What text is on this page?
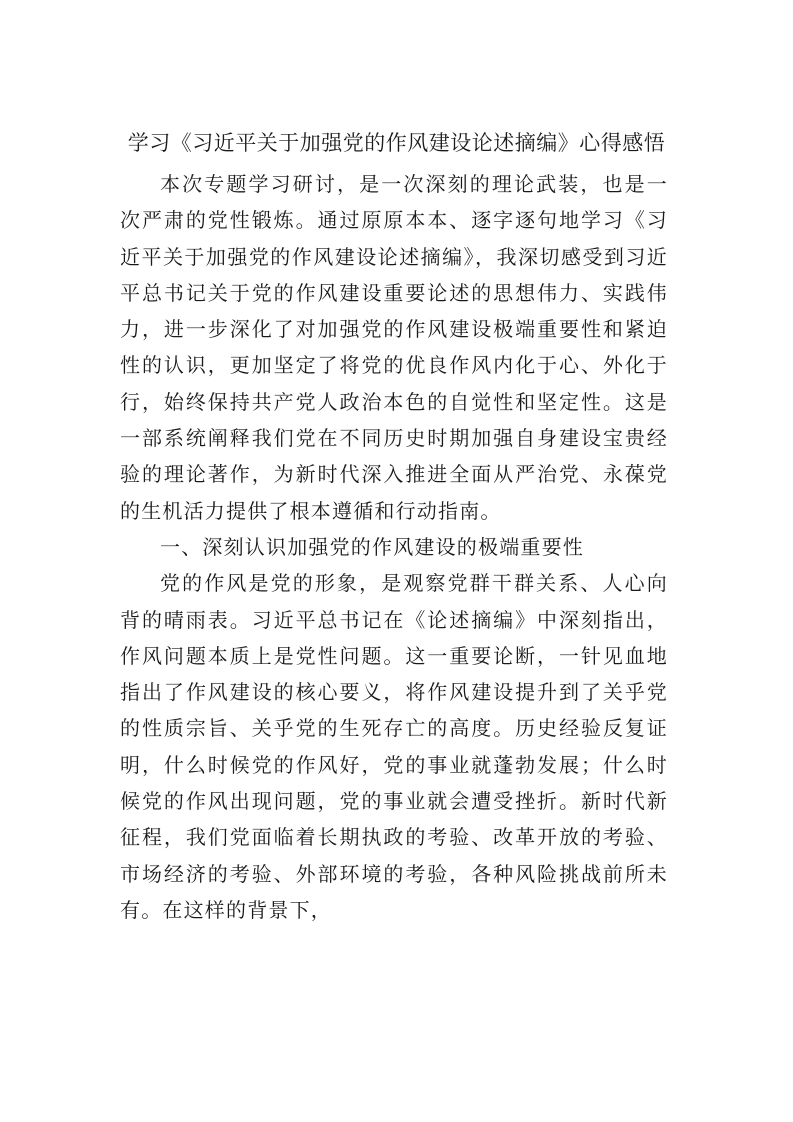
学习《习近平关于加强党的作风建设论述摘编》心得感悟

本次专题学习研讨，是一次深刻的理论武装，也是一次严肃的党性锻炼。通过原原本本、逐字逐句地学习《习近平关于加强党的作风建设论述摘编》，我深切感受到习近平总书记关于党的作风建设重要论述的思想伟力、实践伟力，进一步深化了对加强党的作风建设极端重要性和紧迫性的认识，更加坚定了将党的优良作风内化于心、外化于行，始终保持共产党人政治本色的自觉性和坚定性。这是一部系统阐释我们党在不同历史时期加强自身建设宝贵经验的理论著作，为新时代深入推进全面从严治党、永葆党的生机活力提供了根本遵循和行动指南。

一、深刻认识加强党的作风建设的极端重要性

党的作风是党的形象，是观察党群干群关系、人心向背的晴雨表。习近平总书记在《论述摘编》中深刻指出，作风问题本质上是党性问题。这一重要论断，一针见血地指出了作风建设的核心要义，将作风建设提升到了关乎党的性质宗旨、关乎党的生死存亡的高度。历史经验反复证明，什么时候党的作风好，党的事业就蓬勃发展；什么时候党的作风出现问题，党的事业就会遭受挫折。新时代新征程，我们党面临着长期执政的考验、改革开放的考验、市场经济的考验、外部环境的考验，各种风险挑战前所未有。在这样的背景下，
